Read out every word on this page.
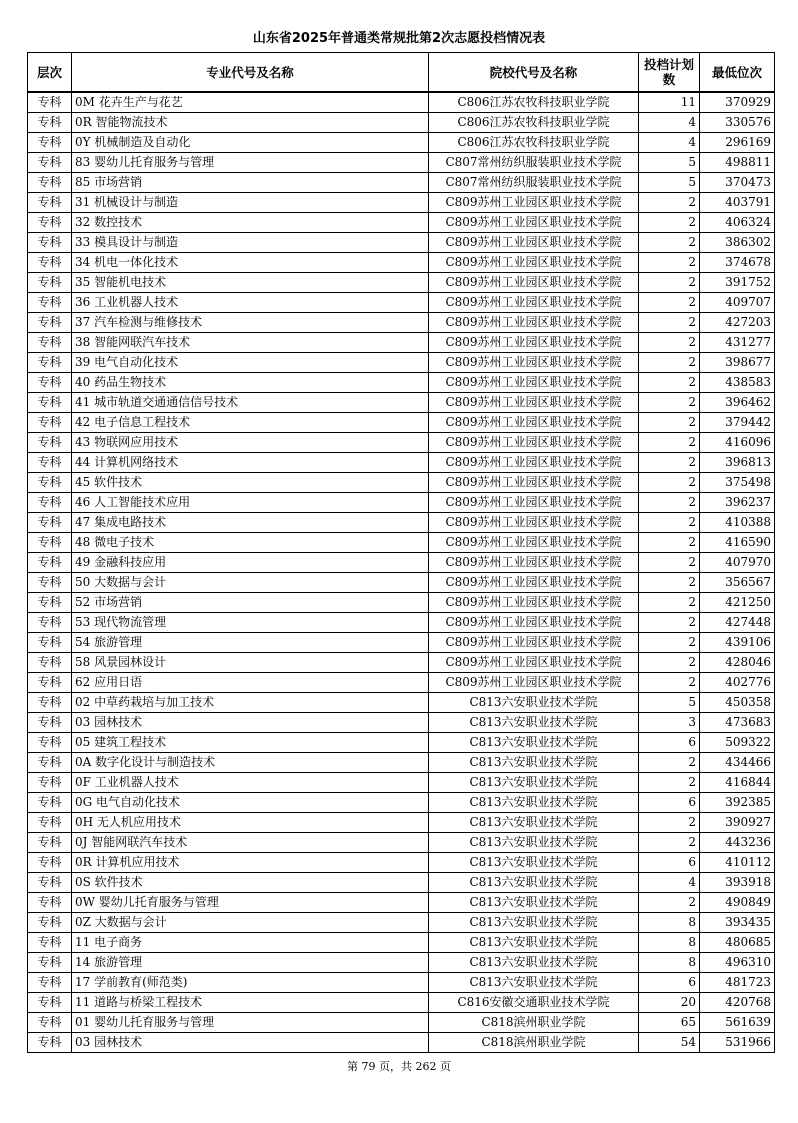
山东省2025年普通类常规批第2次志愿投档情况表
层次	专业代号及名称	院校代号及名称	投档计划数	最低位次
专科	0M 花卉生产与花艺	C806江苏农牧科技职业学院	11	370929
专科	0R 智能物流技术	C806江苏农牧科技职业学院	4	330576
专科	0Y 机械制造及自动化	C806江苏农牧科技职业学院	4	296169
专科	83 婴幼儿托育服务与管理	C807常州纺织服装职业技术学院	5	498811
专科	85 市场营销	C807常州纺织服装职业技术学院	5	370473
专科	31 机械设计与制造	C809苏州工业园区职业技术学院	2	403791
专科	32 数控技术	C809苏州工业园区职业技术学院	2	406324
专科	33 模具设计与制造	C809苏州工业园区职业技术学院	2	386302
专科	34 机电一体化技术	C809苏州工业园区职业技术学院	2	374678
专科	35 智能机电技术	C809苏州工业园区职业技术学院	2	391752
专科	36 工业机器人技术	C809苏州工业园区职业技术学院	2	409707
专科	37 汽车检测与维修技术	C809苏州工业园区职业技术学院	2	427203
专科	38 智能网联汽车技术	C809苏州工业园区职业技术学院	2	431277
专科	39 电气自动化技术	C809苏州工业园区职业技术学院	2	398677
专科	40 药品生物技术	C809苏州工业园区职业技术学院	2	438583
专科	41 城市轨道交通通信信号技术	C809苏州工业园区职业技术学院	2	396462
专科	42 电子信息工程技术	C809苏州工业园区职业技术学院	2	379442
专科	43 物联网应用技术	C809苏州工业园区职业技术学院	2	416096
专科	44 计算机网络技术	C809苏州工业园区职业技术学院	2	396813
专科	45 软件技术	C809苏州工业园区职业技术学院	2	375498
专科	46 人工智能技术应用	C809苏州工业园区职业技术学院	2	396237
专科	47 集成电路技术	C809苏州工业园区职业技术学院	2	410388
专科	48 微电子技术	C809苏州工业园区职业技术学院	2	416590
专科	49 金融科技应用	C809苏州工业园区职业技术学院	2	407970
专科	50 大数据与会计	C809苏州工业园区职业技术学院	2	356567
专科	52 市场营销	C809苏州工业园区职业技术学院	2	421250
专科	53 现代物流管理	C809苏州工业园区职业技术学院	2	427448
专科	54 旅游管理	C809苏州工业园区职业技术学院	2	439106
专科	58 风景园林设计	C809苏州工业园区职业技术学院	2	428046
专科	62 应用日语	C809苏州工业园区职业技术学院	2	402776
专科	02 中草药栽培与加工技术	C813六安职业技术学院	5	450358
专科	03 园林技术	C813六安职业技术学院	3	473683
专科	05 建筑工程技术	C813六安职业技术学院	6	509322
专科	0A 数字化设计与制造技术	C813六安职业技术学院	2	434466
专科	0F 工业机器人技术	C813六安职业技术学院	2	416844
专科	0G 电气自动化技术	C813六安职业技术学院	6	392385
专科	0H 无人机应用技术	C813六安职业技术学院	2	390927
专科	0J 智能网联汽车技术	C813六安职业技术学院	2	443236
专科	0R 计算机应用技术	C813六安职业技术学院	6	410112
专科	0S 软件技术	C813六安职业技术学院	4	393918
专科	0W 婴幼儿托育服务与管理	C813六安职业技术学院	2	490849
专科	0Z 大数据与会计	C813六安职业技术学院	8	393435
专科	11 电子商务	C813六安职业技术学院	8	480685
专科	14 旅游管理	C813六安职业技术学院	8	496310
专科	17 学前教育(师范类)	C813六安职业技术学院	6	481723
专科	11 道路与桥梁工程技术	C816安徽交通职业技术学院	20	420768
专科	01 婴幼儿托育服务与管理	C818滨州职业学院	65	561639
专科	03 园林技术	C818滨州职业学院	54	531966
第 79 页，共 262 页
